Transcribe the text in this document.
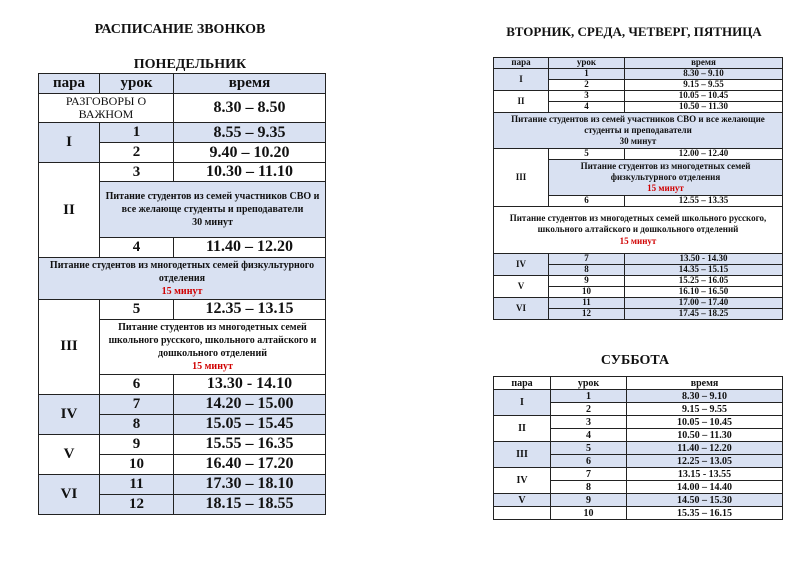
РАСПИСАНИЕ ЗВОНКОВ
ПОНЕДЕЛЬНИК
пара	урок	время
РАЗГОВОРЫ О ВАЖНОМ		8.30 – 8.50
I	1	8.55 – 9.35
	2	9.40 – 10.20
II	3	10.30 – 11.10
	Питание студентов из семей участников СВО и все желающе студенты и преподаватели
30 минут	
	4	11.40 – 12.20
Питание студентов из многодетных семей физкультурного отделения
15 минут		
III	5	12.35 – 13.15
	Питание студентов из многодетных семей школьного русского, школьного алтайского и дошкольного отделений
15 минут	
	6	13.30 - 14.10
IV	7	14.20 – 15.00
	8	15.05 – 15.45
V	9	15.55 – 16.35
	10	16.40 – 17.20
VI	11	17.30 – 18.10
	12	18.15 – 18.55
ВТОРНИК, СРЕДА, ЧЕТВЕРГ, ПЯТНИЦА
пара	урок	время
I	1	8.30 – 9.10
	2	9.15 – 9.55
II	3	10.05 – 10.45
	4	10.50 – 11.30
Питание студентов из семей участников СВО и все желающие студенты и преподаватели
30 минут		
III	5	12.00 – 12.40
	Питание студентов из многодетных семей физкультурного отделения
15 минут	
	6	12.55 – 13.35
Питание студентов из многодетных семей школьного русского, школьного алтайского и дошкольного отделений
15 минут		
IV	7	13.50 - 14.30
	8	14.35 – 15.15
V	9	15.25 – 16.05
	10	16.10 – 16.50
VI	11	17.00 – 17.40
	12	17.45 – 18.25
СУББОТА
пара	урок	время
I	1	8.30 – 9.10
	2	9.15 – 9.55
II	3	10.05 – 10.45
	4	10.50 – 11.30
III	5	11.40 – 12.20
	6	12.25 – 13.05
IV	7	13.15 - 13.55
	8	14.00 – 14.40
V	9	14.50 – 15.30
	10	15.35 – 16.15
